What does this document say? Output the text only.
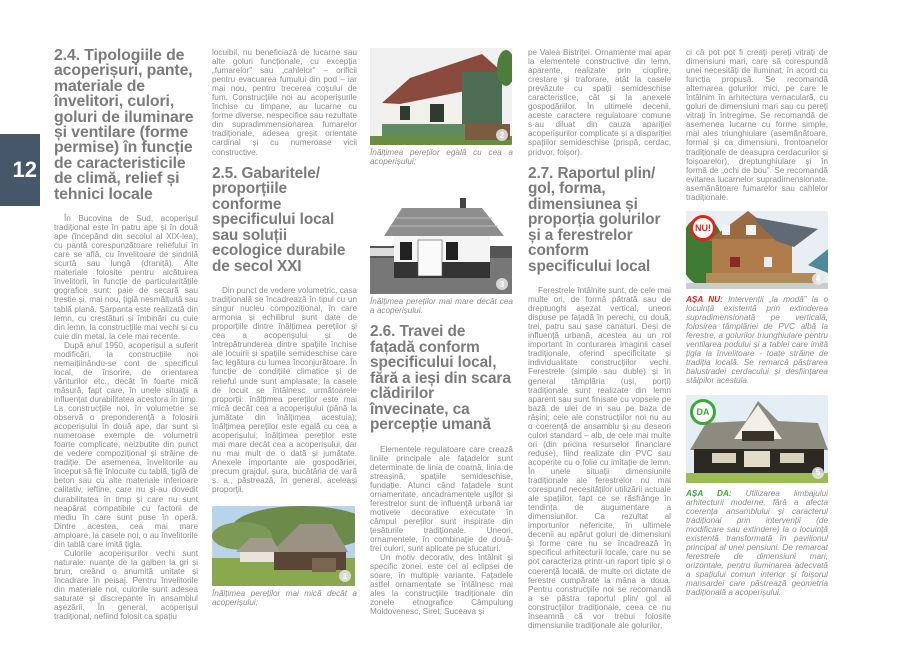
12
2.4. Tipologiile de acoperișuri, pante, materiale de învelitori, culori, goluri de iluminare și ventilare (forme permise) în funcție de caracteristicile de climă, relief și tehnici locale

În Bucovina de Sud, acoperișul tradițional este în patru ape și în două ape (începând din secolul al XIX-lea), cu pantă corespunzătoare reliefului în care se află, cu învelitoare de șindrilă scurtă sau lungă (draniță). Alte materiale folosite pentru alcătuirea învelitorii, în funcție de particularitățile gografice sunt: paie de secară sau trestie și, mai nou, țiglă nesmălțuită sau tablă plană. Șarpanta este realizată din lemn, cu crestături și îmbinări cu cuie din lemn, la construcțiile mai vechi și cu cuie din metal, la cele mai recente.

După anul 1950, acoperișul a suferit modificări, la construcțiile noi nemaițiinându-se cont de specificul local, de însorire, de orientarea vânturilor etc., decât în foarte mică măsură, fapt care, în unele situații a influențat durabilitatea acestora în timp. La construcțiile noi, în volumetrie se observă o preponderență a folosirii acoperișului în două ape, dar sunt și numeroase exemple de volumetrii foarte complicate, neizbutite din punct de vedere compozițional și străine de tradiție. De asemenea, învelitorile au început să fie înlocuite cu tablă, țiglă de beton sau cu alte materiale inferioare calitativ, ieftine, care nu și-au dovedit durabilitatea în timp și care nu sunt neapărat compatibile cu factorii de mediu în care sunt puse în operă. Dintre acestea, cea mai mare amploare, la casele noi, o au învelitorile din tablă care imită țigla.

Culorile acoperișurilor vechi sunt naturale: nuanțe de la galben la gri și brun, creând o anumită unitate și încadrare în peisaj. Pentru învelitorile din materiale noi, culorile sunt adesea saturate și discrepante în ansamblul așezării. În general, acoperișul tradițional, nefiind folosit ca spațiu

locuibil, nu beneficiază de lucarne sau alte goluri funcționale, cu excepția „fumarelor” sau „cahlelor” – orificii pentru evacuarea fumului din pod – iar mai nou, pentru trecerea coșului de fum. Construcțiile noi au acoperișurile închise cu timpane, au lucarne cu forme diverse, nespecifice sau rezultate din supradimmensionarea fumarelor tradiționale, adesea greșit orientate cardinal și cu numeroase vicii constructive.

2.5. Gabaritele/ proporțiile conforme specificului local sau soluții ecologice durabile de secol XXI

Din punct de vedere volumetric, casa tradițională se încadrează în tipul cu un singur nucleu compozițional, în care armonia și echilibrul sunt date de proporțiile dintre înălțimea pereților și cea a acoperișului și de întrepătrunderea dintre spațiile închise ale locuirii și spațiile semideschise care fac legătura cu lumea înconjurătoare. În funcție de condițiile climatice și de relieful unde sunt amplasate, la casele de locuit se întâlnesc următoarele proporții: înălțimea pereților este mai mică decât cea a acoperișului (până la jumătate din înălțimea acestuia); înălțimea pereților este egală cu cea a acoperișului; înălțimea pereților este mai mare decât cea a acoperișului, dar nu mai mult de o dată și jumătate. Anexele importante ale gospodăriei, precum grajdul, șura, bucătăria de vară ș. a., păstrează, în general, aceleași proporții.

1

Înălțimea pereților mai mică decât a acoperișului;

2

Înălțimea pereților egală cu cea a acoperișului;

3

Înălțimea pereților mai mare decât cea a acoperișului.

2.6. Travei de fațadă conform specificului local, fără a ieși din scara clădirilor învecinate, ca percepție umană

Elementele regulatoare care crează liniile principale ale fațadelor sunt determinate de linia de coamă, linia de streașină, spațiile semideschise, fundație. Atunci când fațadele sunt ornamentate, ancadramentele ușilor și ferestrelor sunt de influență urbană iar motivele decorative executate în câmpul pereților sunt inspirate din țesăturile tradiționale. Uneori, ornamentele, în combinație de două-trei culori, sunt aplicate pe stucaturi.

Un motiv decorativ, des întâlnit și specific zonei, este cel al eclipsei de soare, în multiple variante. Fațadele astfel ornamentate se întâlnesc mai ales la construcțiile tradiționale din zonele etnografice Câmpulung Moldovenesc, Siret, Suceava și

pe Valea Bistriței. Ornamente mai apar la elementele constructive din lemn, aparente, realizate prin cioplire, crestare și traforare, atât la casele prevăzute cu spații semideschise caracteristice, cât și la anexele gospodăriilor. În ultimele decenii, aceste caractere regulatoare comune s-au diluat din cauza apariției acoperișurilor complicate și a dispariției spațiilor semideschise (prispă, cerdac, pridvor, foișor).

2.7. Raportul plin/ gol, forma, dimensiunea și proporția golurilor și a ferestrelor conform specificului local

Ferestrele întâlnite sunt, de cele mai multe ori, de formă pătrată sau de dreptunghi așezat vertical, uneori dispuse pe fațadă în perechi, cu două, trei, patru sau șase canaturi. Deși de influență urbană, acestea au un rol important în conturarea imaginii casei tradiționale, oferind specificitate și individualitate construcțiilor vechi. Ferestrele (simple sau duble) și în general tâmplăria (uși, porți) tradiționale sunt realizate din lemn aparent sau sunt finisate cu vopsele pe bază de ulei de in sau pe baza de rășini; cele ale construcțiilor noi nu au o coerență de ansamblu și au deseori culori standard – alb, de cele mai multe ori (din pricina resurselor financiare reduse), fiind realizate din PVC sau acoperite cu o folie cu imitație de lemn. În unele situații dimensiunile tradiționale ale ferestrelor nu mai corespund necesităților utilizării actuale ale spațiilor, fapt ce se răsfrânge în tendința de augumentare a dimensiunilor. Ca rezultat al importurilor nefericite, în ultimele decenii au apărut goluri de dimensiuni și forme care nu se încadrează în specificul arhitecturii locale, care nu se pot caracteriza printr-un raport tipic și o coerență locală, de multe ori dictate de ferestre cumpărate la mâna a doua. Pentru construcțiile noi se recomandă a se păstra raportul plin/ gol al construcțiilor tradiționale, ceea ce nu înseamnă că vor trebui folosite dimensiunile tradiționale ale golurilor,

ci că pot pot fi creați pereți vitrați de dimensiuni mari, care să corespundă unei necesități de iluminat, în acord cu funcția propusă. Se recomandă alternarea golurilor mici, pe care le întâlnim în arhitectura vernaculară, cu goluri de dimensiuni mari sau cu pereți vitrați în întregime. Se recomandă de asemenea lucarne cu forme simple, mai ales triunghiulare (asemănătoare, formal și ca dimensiuni, frontoanelor tradiționale de deasupra cerdacurilor și foișoarelor), dreptunghiulare și în formă de „ochi de bou”. Se recomandă evitarea lucarnelor supradimensionate, asemănătoare fumarelor sau cahlelor tradiționale.

NU!
4

AȘA NU: Intervenții „la modă” la o locuință existentă prin extinderea supradimensionată pe verticală, folosirea tâmplăriei de PVC albă la ferestre, a golurilor triunghiulare pentru ventilarea podului și a tablei care imită țigla la învelitoare - toate străine de tradiția locală. Se remarcă păstrarea balustradei cerdacului și desființarea stâlpilor acestuia.

DA
5

AȘA DA: Utilizarea limbajului arhitecturii moderne, fără a afecta coerența ansamblului și caracterul tradițional prin intervenții (de modificare sau extindere) la o locuință existentă transformată în pavilionul principal al unei pensiuni. De remarcat ferestrele de dimensiuni mari, orizontale, pentru iluminarea adecvată a spațiului comun interior și foișorul mansardei care păstrează geometria tradițională a acoperișului.
